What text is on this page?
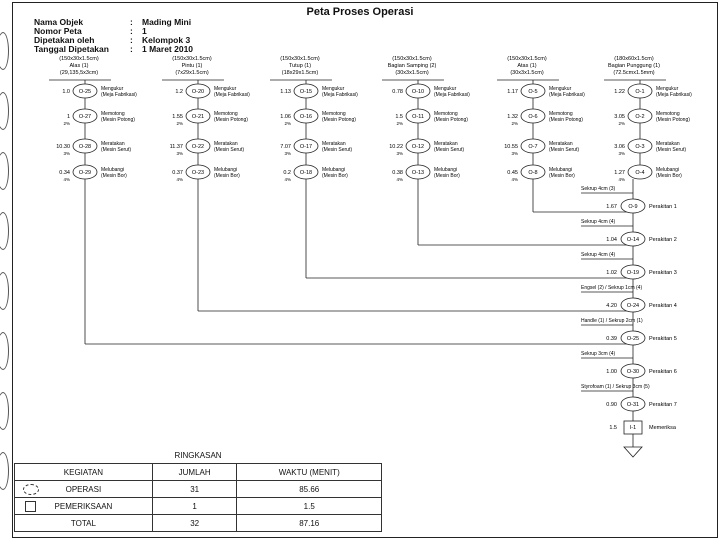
Peta Proses Operasi
Nama Objek	: Mading Mini
Nomor Peta	: 1
Dipetakan oleh	: Kelompok 3
Tanggal Dipetakan : 1 Maret 2010
(150x30x1.5cm)
Alas (1)
(29,135,5x3cm)
O-25
1.0	Mengukur
(Meja Fabrikasi)
O-27
1
2%
Memotong
(Mesin Potong)
O-28
10.30
3%
Meratakan
(Mesin Serut)
O-29
0.34
4%
Melubangi
(Mesin Bor)
(150x30x1.5cm)
Pintu (1)
(7x29x1.5cm)
O-20
1.2	Mengukur
(Meja Fabrikasi)
O-21
1.55
2%
Memotong
(Mesin Potong)
O-22
11.37
3%
Meratakan
(Mesin Serut)
O-23
0.37
4%
Melubangi
(Mesin Bor)
(150x30x1.5cm)
Tutup (1)
(18x29x1.5cm)
O-15
1.13	Mengukur
(Meja Fabrikasi)
O-16
1.06
2%
Memotong
(Mesin Potong)
O-17
7.07
3%
Meratakan
(Mesin Serut)
O-18
0.2
4%
Melubangi
(Mesin Bor)
(150x30x1.5cm)
Bagian Samping (2)
(30x3x1.5cm)
O-10
0.78	Mengukur
(Meja Fabrikasi)
O-11
1.5
2%
Memotong
(Mesin Potong)
O-12
10.22
3%
Meratakan
(Mesin Serut)
O-13
0.38
4%
Melubangi
(Mesin Bor)
(150x30x1.5cm)
Atas (1)
(30x3x1.5cm)
O-5
1.17	Mengukur
(Meja Fabrikasi)
O-6
1.32
2%
Memotong
(Mesin Potong)
O-7
10.55
3%
Meratakan
(Mesin Serut)
O-8
0.45
4%
Melubangi
(Mesin Bor)
(180x60x1.5cm)
Bagian Punggung (1)
(72.5cmx1.5mm)
O-1
1.22	Mengukur
(Meja Fabrikasi)
O-2
3.05
2%
Memotong
(Mesin Potong)
O-3
3.06
3%
Meratakan
(Mesin Serut)
O-4
1.27
4%
Melubangi
(Mesin Bor)
Sekrup 4cm (3)
O-9
1.67	Perakitan 1
Sekrup 4cm (4)
O-14
1.04	Perakitan 2
Sekrup 4cm (4)
O-19
1.02	Perakitan 3
Engsel (2) / Sekrup 1cm (4)
O-24
4.20	Perakitan 4
Handle (1) / Sekrup 2cm (1)
O-25
0.39	Perakitan 5
Sekrup 3cm (4)
O-30
1.00	Perakitan 6
Styrofoam (1) / Sekrup 3cm (5)
O-31
0.90	Perakitan 7
I-1
1.5	Memeriksa
RINGKASAN		
KEGIATAN	JUMLAH	WAKTU (MENIT)

OPERASI	31	85.66

PEMERIKSAAN	1	1.5
TOTAL	32	87.16
